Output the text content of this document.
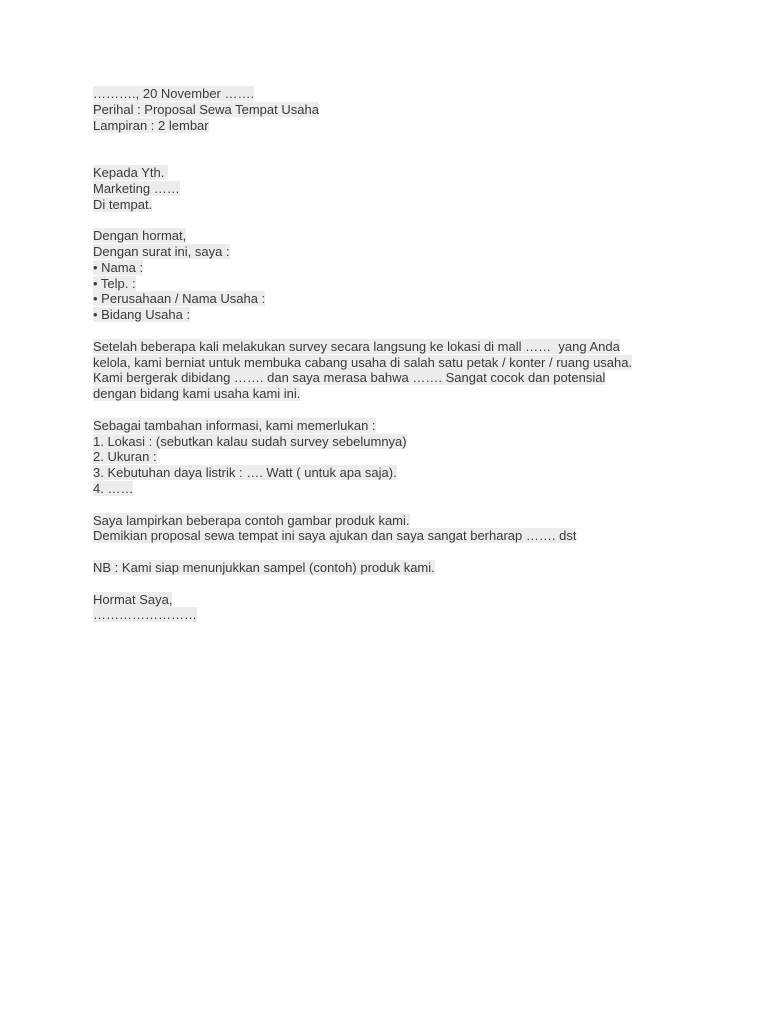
………., 20 November …….
Perihal : Proposal Sewa Tempat Usaha
Lampiran : 2 lembar
Kepada Yth.
Marketing ……
Di tempat.
Dengan hormat,
Dengan surat ini, saya :
• Nama :
• Telp. :
• Perusahaan / Nama Usaha :
• Bidang Usaha :
Setelah beberapa kali melakukan survey secara langsung ke lokasi di mall ……  yang Anda
kelola, kami berniat untuk membuka cabang usaha di salah satu petak / konter / ruang usaha.
Kami bergerak dibidang ……. dan saya merasa bahwa ……. Sangat cocok dan potensial
dengan bidang kami usaha kami ini.
Sebagai tambahan informasi, kami memerlukan :
1. Lokasi : (sebutkan kalau sudah survey sebelumnya)
2. Ukuran :
3. Kebutuhan daya listrik : …. Watt ( untuk apa saja).
4. ……
Saya lampirkan beberapa contoh gambar produk kami.
Demikian proposal sewa tempat ini saya ajukan dan saya sangat berharap ……. dst
NB : Kami siap menunjukkan sampel (contoh) produk kami.
Hormat Saya,
……………………
